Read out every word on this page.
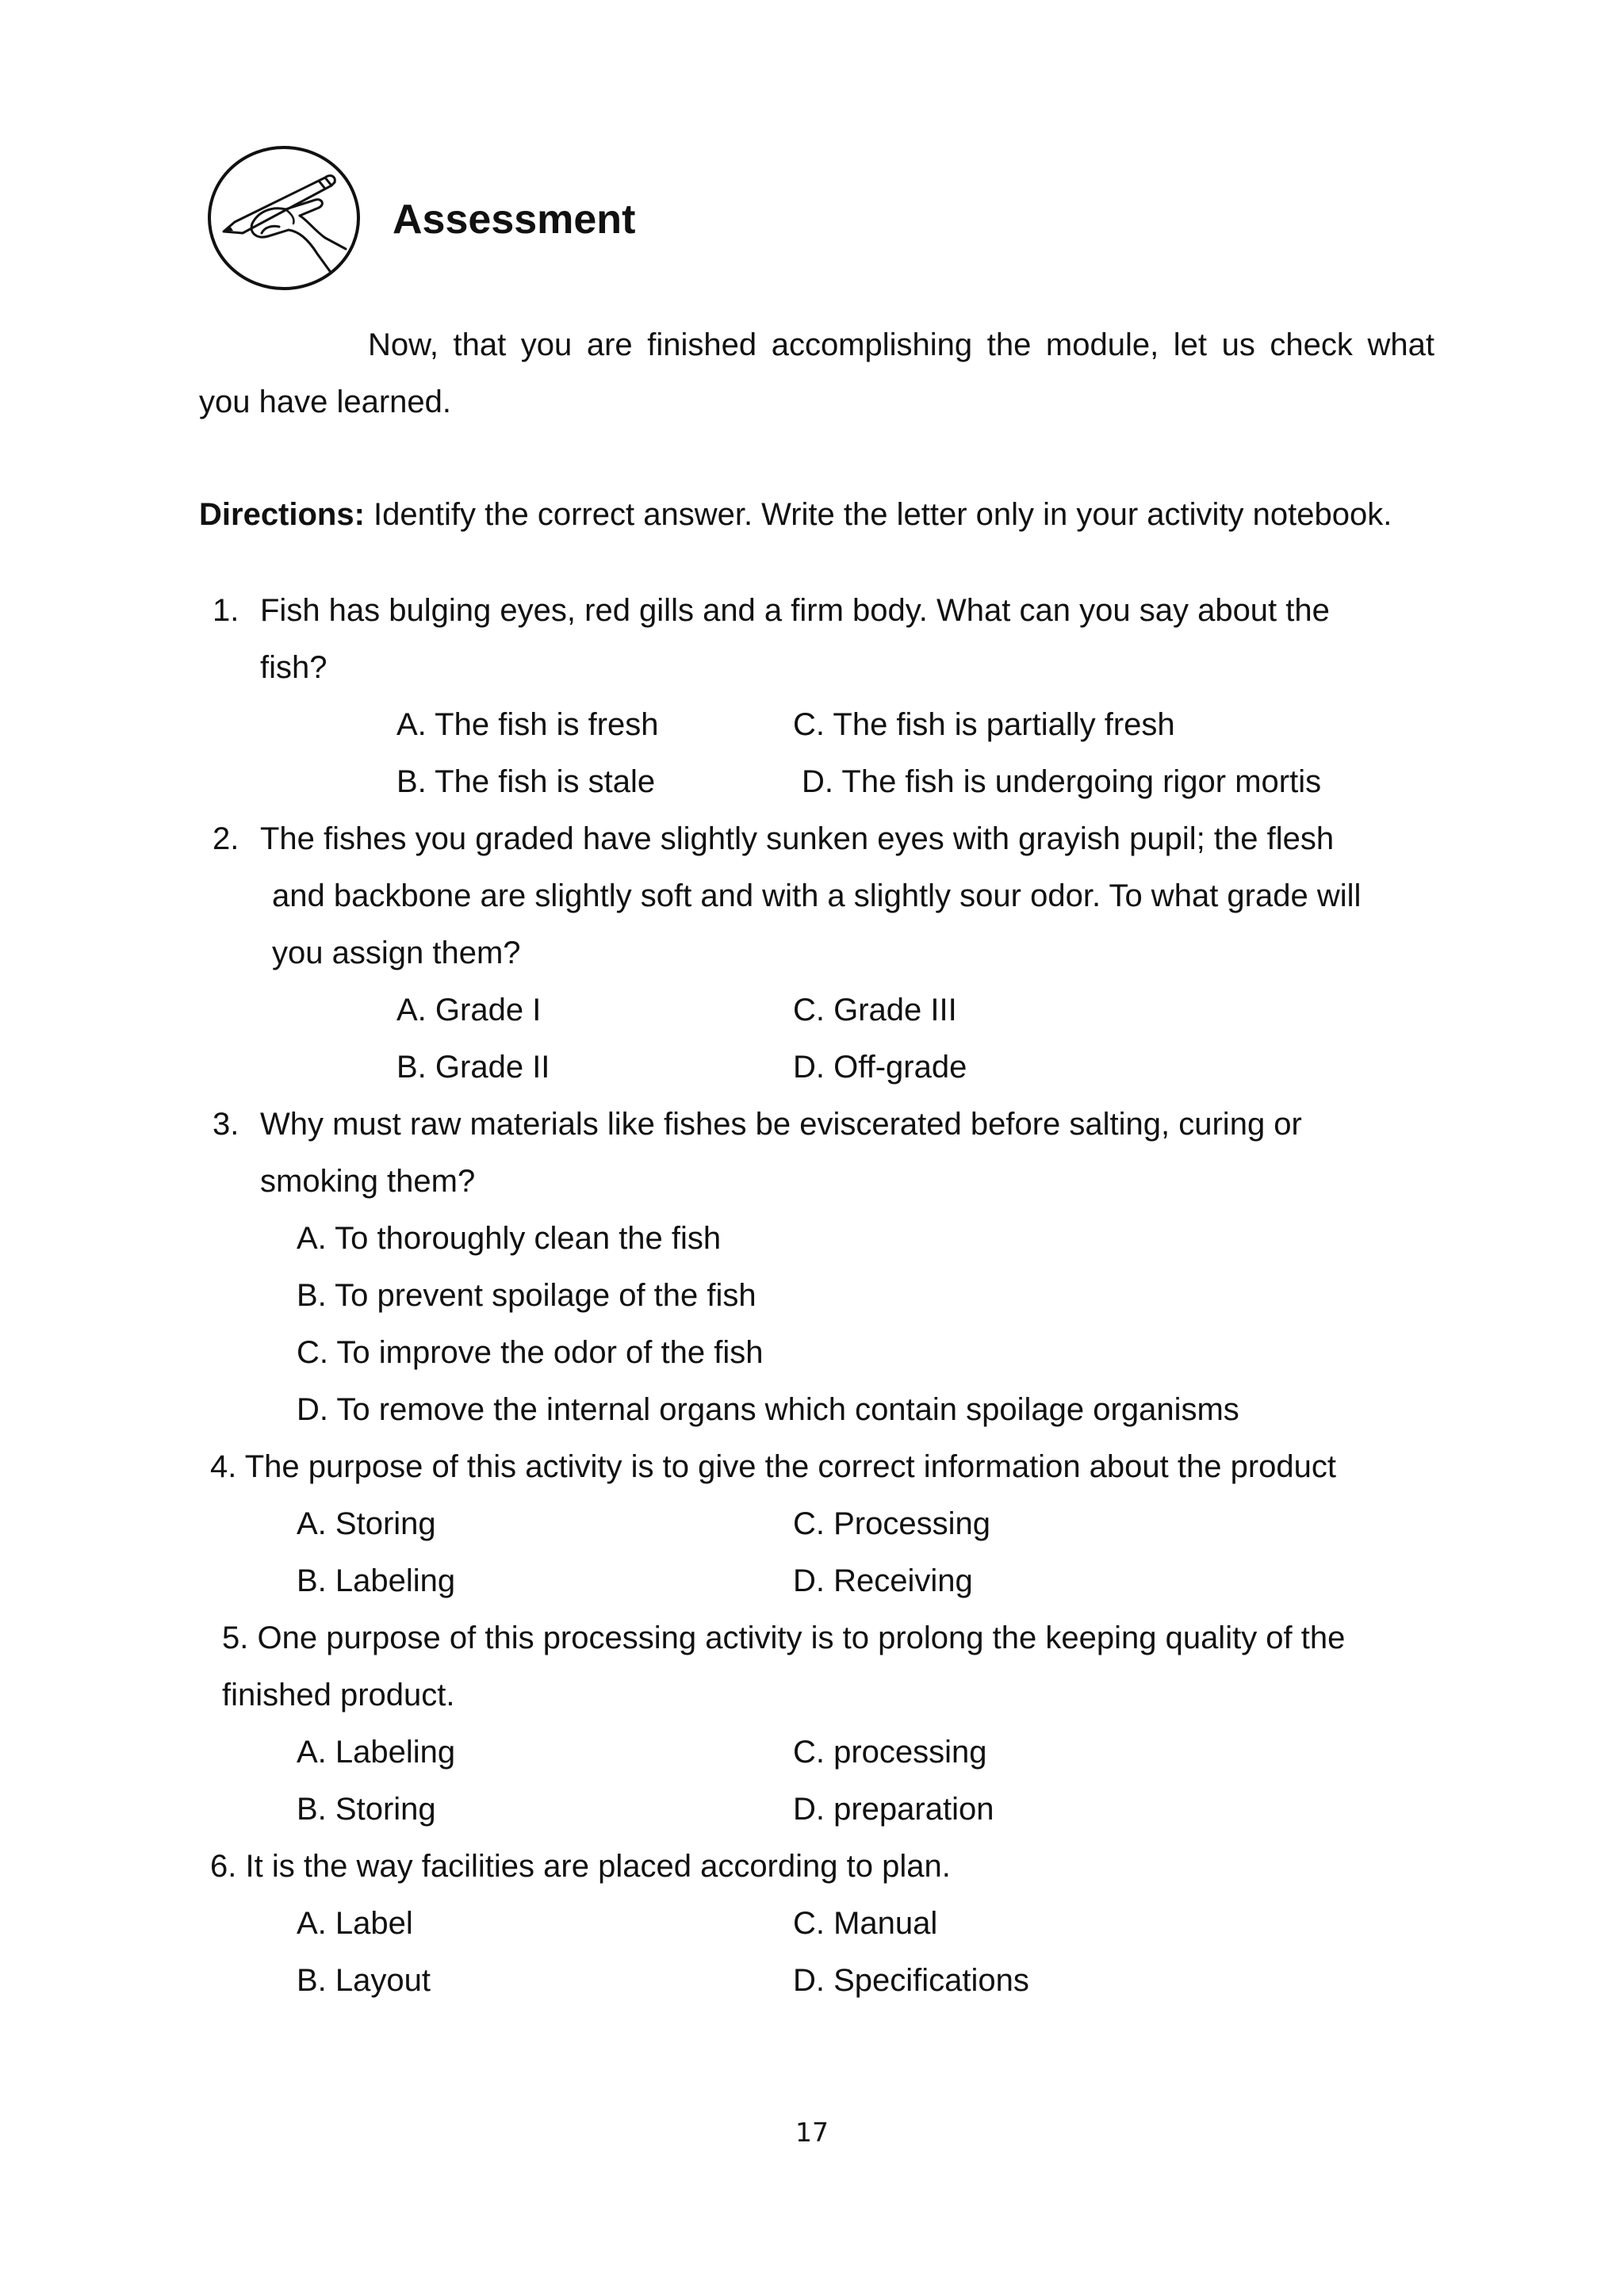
Assessment
Now, that you are finished accomplishing the module, let us check what
you have learned.
Directions: Identify the correct answer. Write the letter only in your activity notebook.
1. Fish has bulging eyes, red gills and a firm body. What can you say about the
fish?
A. The fish is fresh	C. The fish is partially fresh
B. The fish is stale	D. The fish is undergoing rigor mortis
2. The fishes you graded have slightly sunken eyes with grayish pupil; the flesh
and backbone are slightly soft and with a slightly sour odor. To what grade will
you assign them?
A. Grade I	C. Grade III
B. Grade II	D. Off-grade
3. Why must raw materials like fishes be eviscerated before salting, curing or
smoking them?
A. To thoroughly clean the fish
B. To prevent spoilage of the fish
C. To improve the odor of the fish
D. To remove the internal organs which contain spoilage organisms
4. The purpose of this activity is to give the correct information about the product
A. Storing	C. Processing
B. Labeling	D. Receiving
5. One purpose of this processing activity is to prolong the keeping quality of the
finished product.
A. Labeling	C. processing
B. Storing	D. preparation
6. It is the way facilities are placed according to plan.
A. Label	C. Manual
B. Layout	D. Specifications
17
